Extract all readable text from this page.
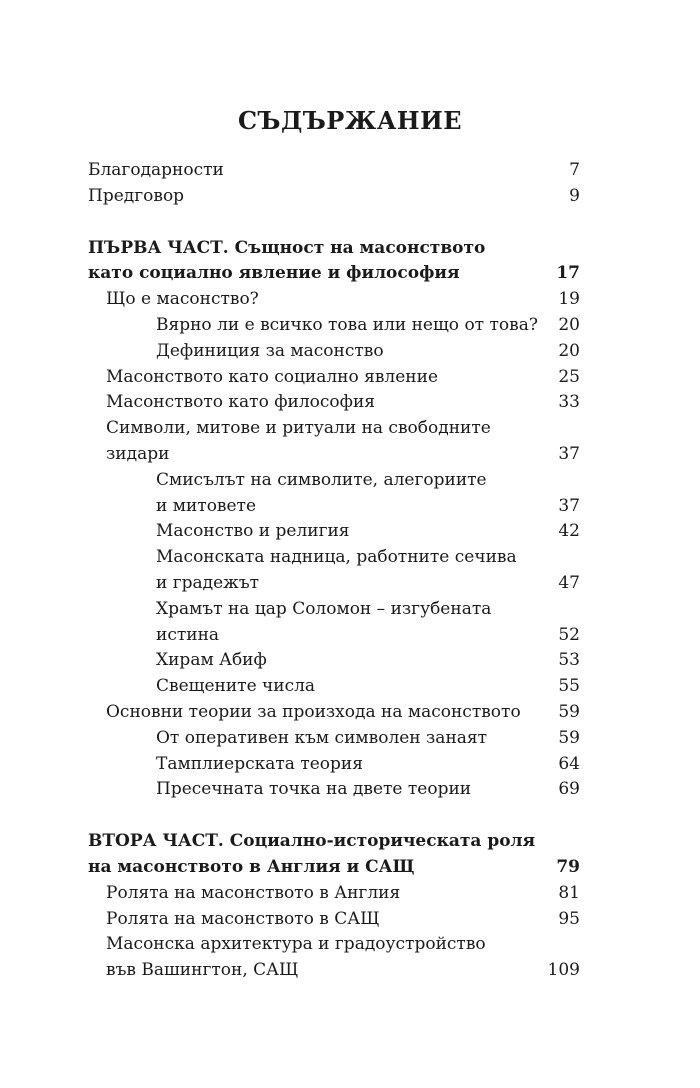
СЪДЪРЖАНИЕ
Благодарности	7
Предговор	9
ПЪРВА ЧАСТ. Същност на масонството
като социално явление и философия	17
Що е масонство?	19
Вярно ли е всичко това или нещо от това?	20
Дефиниция за масонство	20
Масонството като социално явление	25
Масонството като философия	33
Символи, митове и ритуали на свободните
зидари	37
Смисълът на символите, алегориите
и митовете	37
Масонство и религия	42
Масонската надница, работните сечива
и градежът	47
Храмът на цар Соломон – изгубената
истина	52
Хирам Абиф	53
Свещените числа	55
Основни теории за произхода на масонството	59
От оперативен към символен занаят	59
Тамплиерската теория	64
Пресечната точка на двете теории	69
ВТОРА ЧАСТ. Социално-историческата роля
на масонството в Англия и САЩ	79
Ролята на масонството в Англия	81
Ролята на масонството в САЩ	95
Масонска архитектура и градоустройство
във Вашингтон, САЩ	109
